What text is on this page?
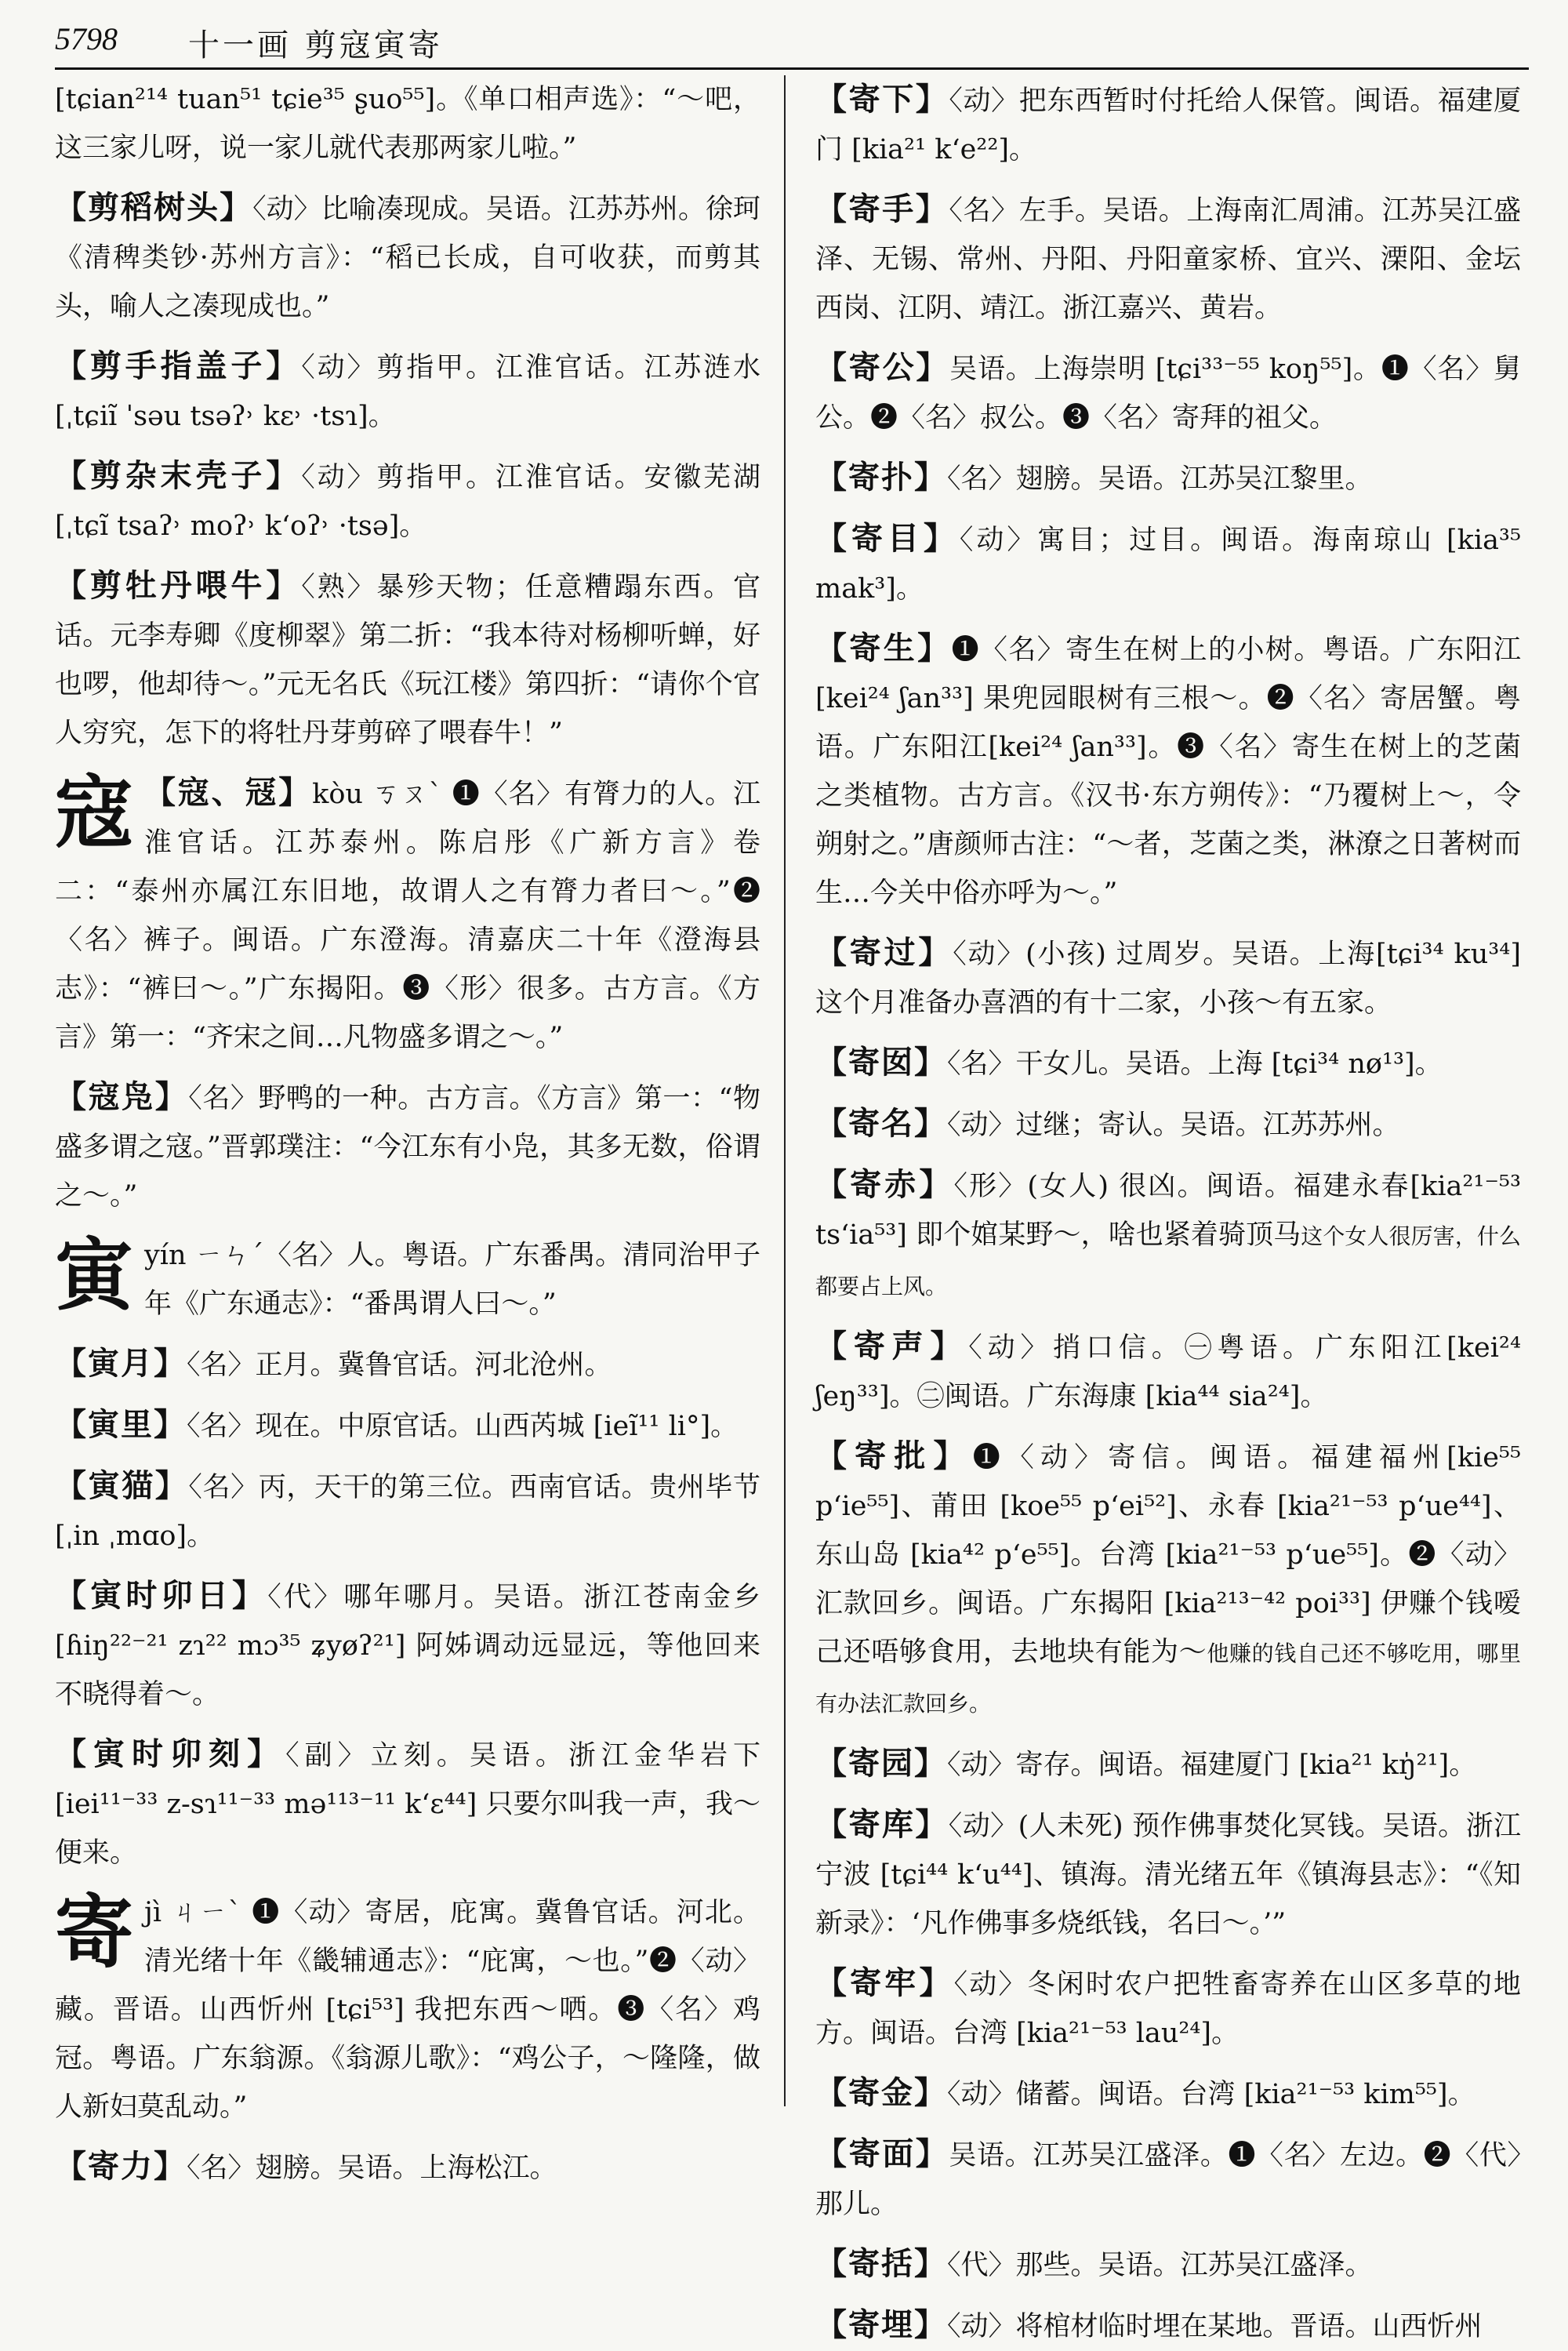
5798 十一画 剪寇寅寄
[tɕian²¹⁴ tuan⁵¹ tɕie³⁵ ʂuo⁵⁵]。《单口相声选》：“～吧，这三家儿呀，说一家儿就代表那两家儿啦。”
【剪稻树头】〈动〉比喻凑现成。吴语。江苏苏州。徐珂《清稗类钞·苏州方言》：“稻已长成，自可收获，而剪其头，喻人之凑现成也。”
【剪手指盖子】〈动〉剪指甲。江淮官话。江苏涟水[ˌtɕiĩ ˈsəu tsəʔ˒ kɛ˒ ·tsɿ]。
【剪杂末壳子】〈动〉剪指甲。江淮官话。安徽芜湖[ˌtɕĩ tsaʔ˒ moʔ˒ kʻoʔ˒ ·tsə]。
【剪牡丹喂牛】〈熟〉暴殄天物；任意糟蹋东西。官话。元李寿卿《度柳翠》第二折：“我本待对杨柳听蝉，好也啰，他却待～。”元无名氏《玩江楼》第四折：“请你个官人穷究，怎下的将牡丹芽剪碎了喂春牛！”
寇 【寇、冦】kòu ㄎㄡˋ ❶〈名〉有膂力的人。江淮官话。江苏泰州。陈启彤《广新方言》卷二：“泰州亦属江东旧地，故谓人之有膂力者曰～。”❷〈名〉裤子。闽语。广东澄海。清嘉庆二十年《澄海县志》：“裤曰～。”广东揭阳。❸〈形〉很多。古方言。《方言》第一：“齐宋之间…凡物盛多谓之～。”
【寇凫】〈名〉野鸭的一种。古方言。《方言》第一：“物盛多谓之寇。”晋郭璞注：“今江东有小凫，其多无数，俗谓之～。”
寅yín ㄧㄣˊ〈名〉人。粤语。广东番禺。清同治甲子年《广东通志》：“番禺谓人曰～。”
【寅月】〈名〉正月。冀鲁官话。河北沧州。
【寅里】〈名〉现在。中原官话。山西芮城 [ieĩ¹¹ li°]。
【寅猫】〈名〉丙，天干的第三位。西南官话。贵州毕节 [ˌin ˌmɑo]。
【寅时卯日】〈代〉哪年哪月。吴语。浙江苍南金乡 [ɦiŋ²²⁻²¹ zɿ²² mɔ³⁵ ʑyøʔ²¹] 阿姊调动远显远，等他回来不晓得着～。
【寅时卯刻】〈副〉立刻。吴语。浙江金华岩下 [iei¹¹⁻³³ z-sɿ¹¹⁻³³ mə¹¹³⁻¹¹ kʻɛ⁴⁴] 只要尔叫我一声，我～便来。
寄jì ㄐㄧˋ ❶〈动〉寄居，庇寓。冀鲁官话。河北。清光绪十年《畿辅通志》：“庇寓，～也。”❷〈动〉藏。晋语。山西忻州 [tɕi⁵³] 我把东西～哂。❸〈名〉鸡冠。粤语。广东翁源。《翁源儿歌》：“鸡公子，～隆隆，做人新妇莫乱动。”
【寄力】〈名〉翅膀。吴语。上海松江。
【寄下】〈动〉把东西暂时付托给人保管。闽语。福建厦门 [kia²¹ kʻe²²]。
【寄手】〈名〉左手。吴语。上海南汇周浦。江苏吴江盛泽、无锡、常州、丹阳、丹阳童家桥、宜兴、溧阳、金坛西岗、江阴、靖江。浙江嘉兴、黄岩。
【寄公】吴语。上海崇明 [tɕi³³⁻⁵⁵ koŋ⁵⁵]。❶〈名〉舅公。❷〈名〉叔公。❸〈名〉寄拜的祖父。
【寄扑】〈名〉翅膀。吴语。江苏吴江黎里。
【寄目】〈动〉寓目；过目。闽语。海南琼山 [kia³⁵ mak³]。
【寄生】❶〈名〉寄生在树上的小树。粤语。广东阳江 [kei²⁴ ʃan³³] 果兜园眼树有三根～。❷〈名〉寄居蟹。粤语。广东阳江[kei²⁴ ʃan³³]。❸〈名〉寄生在树上的芝菌之类植物。古方言。《汉书·东方朔传》：“乃覆树上～，令朔射之。”唐颜师古注：“～者，芝菌之类，淋潦之日著树而生…今关中俗亦呼为～。”
【寄过】〈动〉(小孩) 过周岁。吴语。上海[tɕi³⁴ ku³⁴] 这个月准备办喜酒的有十二家，小孩～有五家。
【寄囡】〈名〉干女儿。吴语。上海 [tɕi³⁴ nø¹³]。
【寄名】〈动〉过继；寄认。吴语。江苏苏州。
【寄赤】〈形〉(女人) 很凶。闽语。福建永春[kia²¹⁻⁵³ tsʻia⁵³] 即个婠某野～，啥也紧着骑顶马这个女人很厉害，什么都要占上风。
【寄声】〈动〉捎口信。㊀粤语。广东阳江[kei²⁴ ʃeŋ³³]。㊁闽语。广东海康 [kia⁴⁴ sia²⁴]。
【寄批】❶〈动〉寄信。闽语。福建福州[kie⁵⁵ pʻie⁵⁵]、莆田 [koe⁵⁵ pʻei⁵²]、永春 [kia²¹⁻⁵³ pʻue⁴⁴]、东山岛 [kia⁴² pʻe⁵⁵]。台湾 [kia²¹⁻⁵³ pʻue⁵⁵]。❷〈动〉汇款回乡。闽语。广东揭阳 [kia²¹³⁻⁴² poi³³] 伊赚个钱嗳己还唔够食用，去地块有能为～他赚的钱自己还不够吃用，哪里有办法汇款回乡。
【寄园】〈动〉寄存。闽语。福建厦门 [kia²¹ kŋ̍²¹]。
【寄库】〈动〉(人未死) 预作佛事焚化冥钱。吴语。浙江宁波 [tɕi⁴⁴ kʻu⁴⁴]、镇海。清光绪五年《镇海县志》：“《知新录》：‘凡作佛事多烧纸钱，名曰～。’”
【寄牢】〈动〉冬闲时农户把牲畜寄养在山区多草的地方。闽语。台湾 [kia²¹⁻⁵³ lau²⁴]。
【寄金】〈动〉储蓄。闽语。台湾 [kia²¹⁻⁵³ kim⁵⁵]。
【寄面】吴语。江苏吴江盛泽。❶〈名〉左边。❷〈代〉那儿。
【寄括】〈代〉那些。吴语。江苏吴江盛泽。
【寄埋】〈动〉将棺材临时埋在某地。晋语。山西忻州
